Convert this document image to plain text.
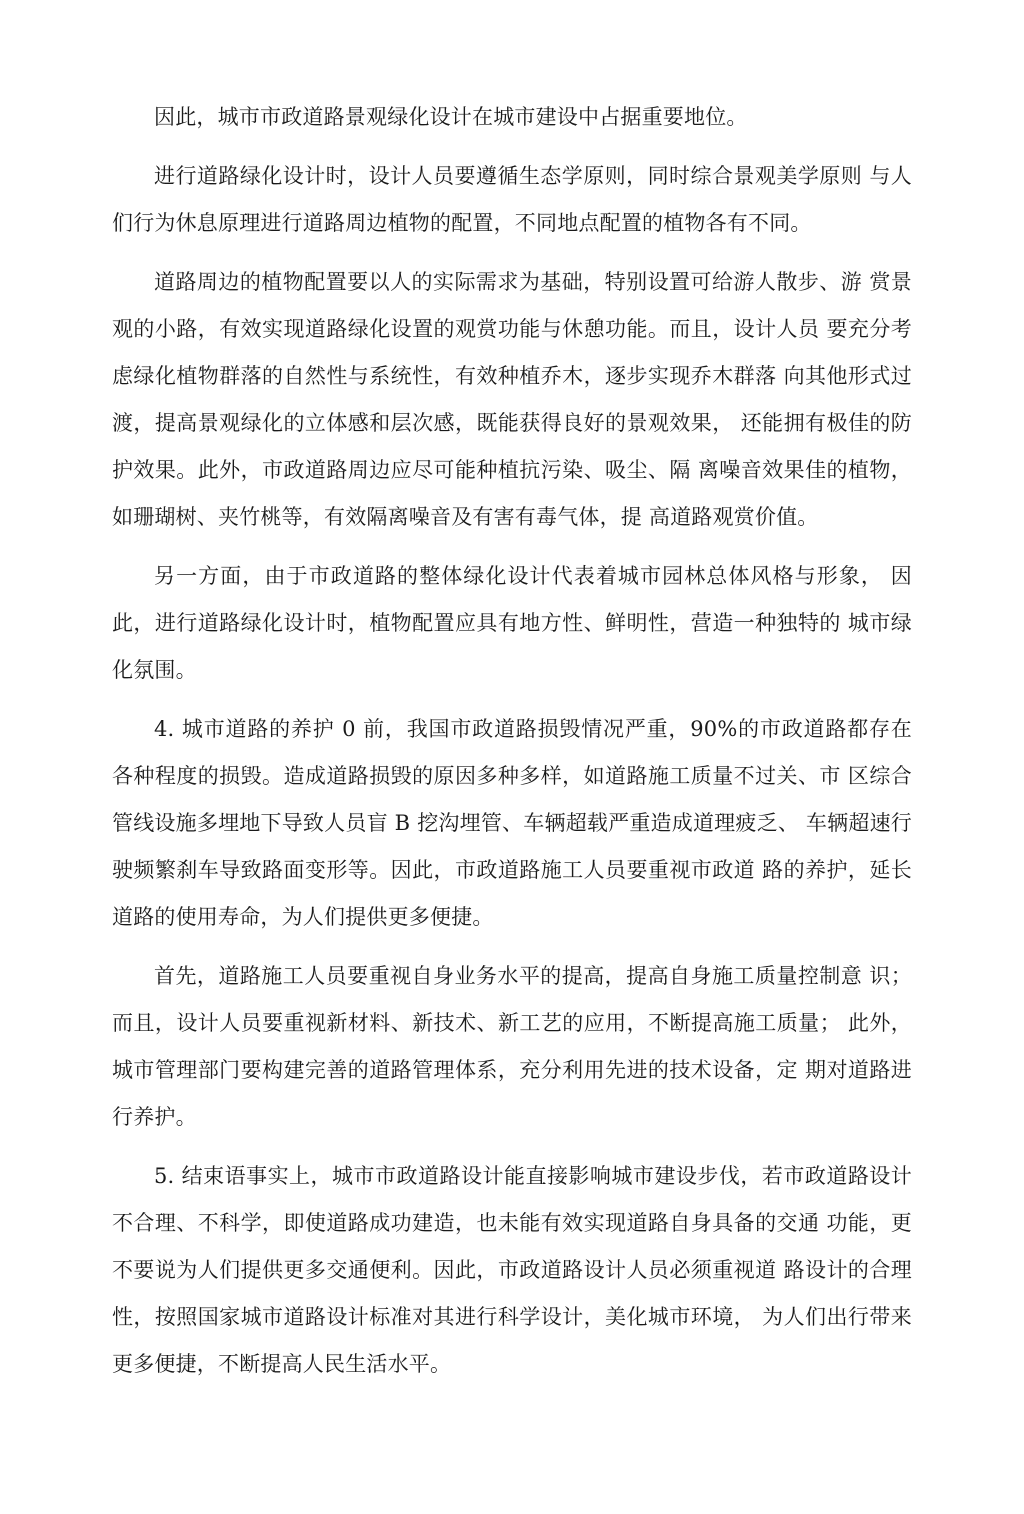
因此，城市市政道路景观绿化设计在城市建设中占据重要地位。

进行道路绿化设计时，设计人员要遵循生态学原则，同时综合景观美学原则 与人们行为休息原理进行道路周边植物的配置，不同地点配置的植物各有不同。

道路周边的植物配置要以人的实际需求为基础，特别设置可给游人散步、游 赏景观的小路，有效实现道路绿化设置的观赏功能与休憩功能。而且，设计人员 要充分考虑绿化植物群落的自然性与系统性，有效种植乔木，逐步实现乔木群落 向其他形式过渡，提高景观绿化的立体感和层次感，既能获得良好的景观效果， 还能拥有极佳的防护效果。此外，市政道路周边应尽可能种植抗污染、吸尘、隔 离噪音效果佳的植物，如珊瑚树、夹竹桃等，有效隔离噪音及有害有毒气体，提 高道路观赏价值。

另一方面，由于市政道路的整体绿化设计代表着城市园林总体风格与形象， 因此，进行道路绿化设计时，植物配置应具有地方性、鲜明性，营造一种独特的 城市绿化氛围。

4. 城市道路的养护 0 前，我国市政道路损毁情况严重，90%的市政道路都存在各种程度的损毁。造成道路损毁的原因多种多样，如道路施工质量不过关、市 区综合管线设施多埋地下导致人员盲 B 挖沟埋管、车辆超载严重造成道理疲乏、 车辆超速行驶频繁刹车导致路面变形等。因此，市政道路施工人员要重视市政道 路的养护，延长道路的使用寿命，为人们提供更多便捷。

首先，道路施工人员要重视自身业务水平的提高，提高自身施工质量控制意 识；而且，设计人员要重视新材料、新技术、新工艺的应用，不断提高施工质量； 此外，城市管理部门要构建完善的道路管理体系，充分利用先进的技术设备，定 期对道路进行养护。

5. 结束语事实上，城市市政道路设计能直接影响城市建设步伐，若市政道路设计不合理、不科学，即使道路成功建造，也未能有效实现道路自身具备的交通 功能，更不要说为人们提供更多交通便利。因此，市政道路设计人员必须重视道 路设计的合理性，按照国家城市道路设计标准对其进行科学设计，美化城市环境， 为人们出行带来更多便捷，不断提高人民生活水平。
